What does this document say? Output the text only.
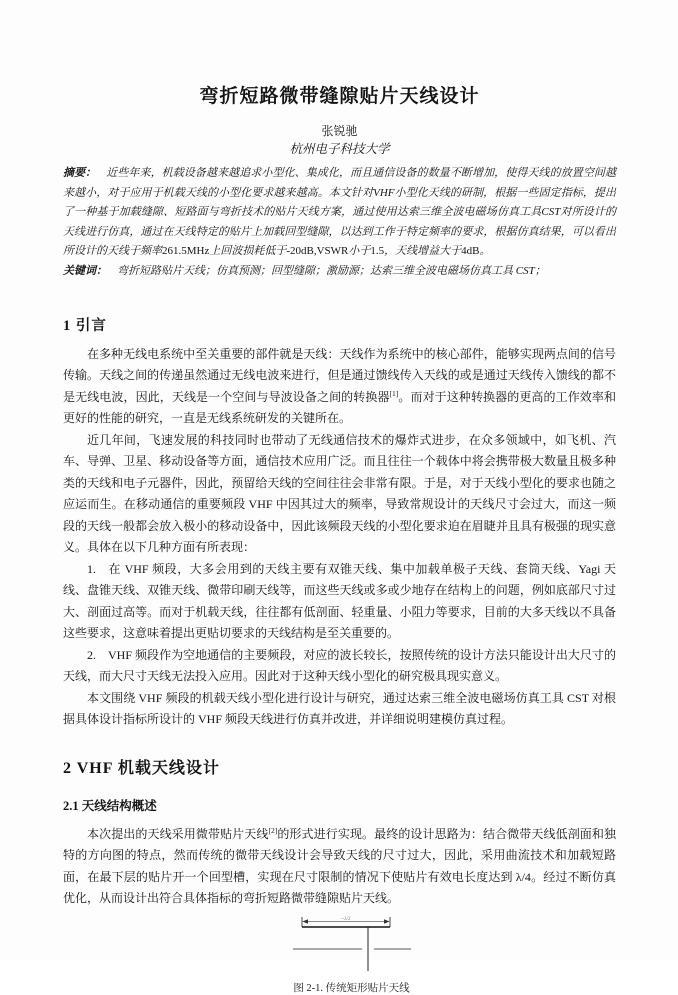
弯折短路微带缝隙贴片天线设计
张锐驰
杭州电子科技大学

摘要： 近些年来，机载设备越来越追求小型化、集成化，而且通信设备的数量不断增加，使得天线的放置空间越来越小，对于应用于机载天线的小型化要求越来越高。本文针对VHF小型化天线的研制，根据一些固定指标，提出了一种基于加载缝隙、短路面与弯折技术的贴片天线方案，通过使用达索三维全波电磁场仿真工具CST对所设计的天线进行仿真，通过在天线特定的贴片上加载回型缝隙，以达到工作于特定频率的要求，根据仿真结果，可以看出所设计的天线于频率261.5MHz上回波损耗低于-20dB,VSWR小于1.5，天线增益大于4dB。

关键词： 弯折短路贴片天线；仿真预测；回型缝隙；激励源；达索三维全波电磁场仿真工具 CST；

1 引言

在多种无线电系统中至关重要的部件就是天线：天线作为系统中的核心部件，能够实现两点间的信号传输。天线之间的传递虽然通过无线电波来进行，但是通过馈线传入天线的或是通过天线传入馈线的都不是无线电波，因此，天线是一个空间与导波设备之间的转换器[1]。而对于这种转换器的更高的工作效率和更好的性能的研究，一直是无线系统研发的关键所在。

近几年间，飞速发展的科技同时也带动了无线通信技术的爆炸式进步，在众多领域中，如飞机、汽车、导弹、卫星、移动设备等方面，通信技术应用广泛。而且往往一个载体中将会携带极大数量且极多种类的天线和电子元器件，因此，预留给天线的空间往往会非常有限。于是，对于天线小型化的要求也随之应运而生。在移动通信的重要频段 VHF 中因其过大的频率，导致常规设计的天线尺寸会过大，而这一频段的天线一般都会放入极小的移动设备中，因此该频段天线的小型化要求迫在眉睫并且具有极强的现实意义。具体在以下几种方面有所表现：

1. 在 VHF 频段，大多会用到的天线主要有双锥天线、集中加载单极子天线、套筒天线、Yagi 天线、盘锥天线、双锥天线、微带印刷天线等，而这些天线或多或少地存在结构上的问题，例如底部尺寸过大、剖面过高等。而对于机载天线，往往都有低剖面、轻重量、小阻力等要求，目前的大多天线以不具备这些要求，这意味着提出更贴切要求的天线结构是至关重要的。

2. VHF 频段作为空地通信的主要频段，对应的波长较长，按照传统的设计方法只能设计出大尺寸的天线，而大尺寸天线无法投入应用。因此对于这种天线小型化的研究极具现实意义。

本文围绕 VHF 频段的机载天线小型化进行设计与研究，通过达索三维全波电磁场仿真工具 CST 对根据具体设计指标所设计的 VHF 频段天线进行仿真并改进，并详细说明建模仿真过程。

2 VHF 机载天线设计
2.1 天线结构概述

本次提出的天线采用微带贴片天线[2]的形式进行实现。最终的设计思路为：结合微带天线低剖面和独特的方向图的特点，然而传统的微带天线设计会导致天线的尺寸过大，因此，采用曲流技术和加载短路面，在最下层的贴片开一个回型槽，实现在尺寸限制的情况下使贴片有效电长度达到 λ/4。经过不断仿真优化，从而设计出符合具体指标的弯折短路微带缝隙贴片天线。

~λ/2
图 2-1. 传统矩形贴片天线
